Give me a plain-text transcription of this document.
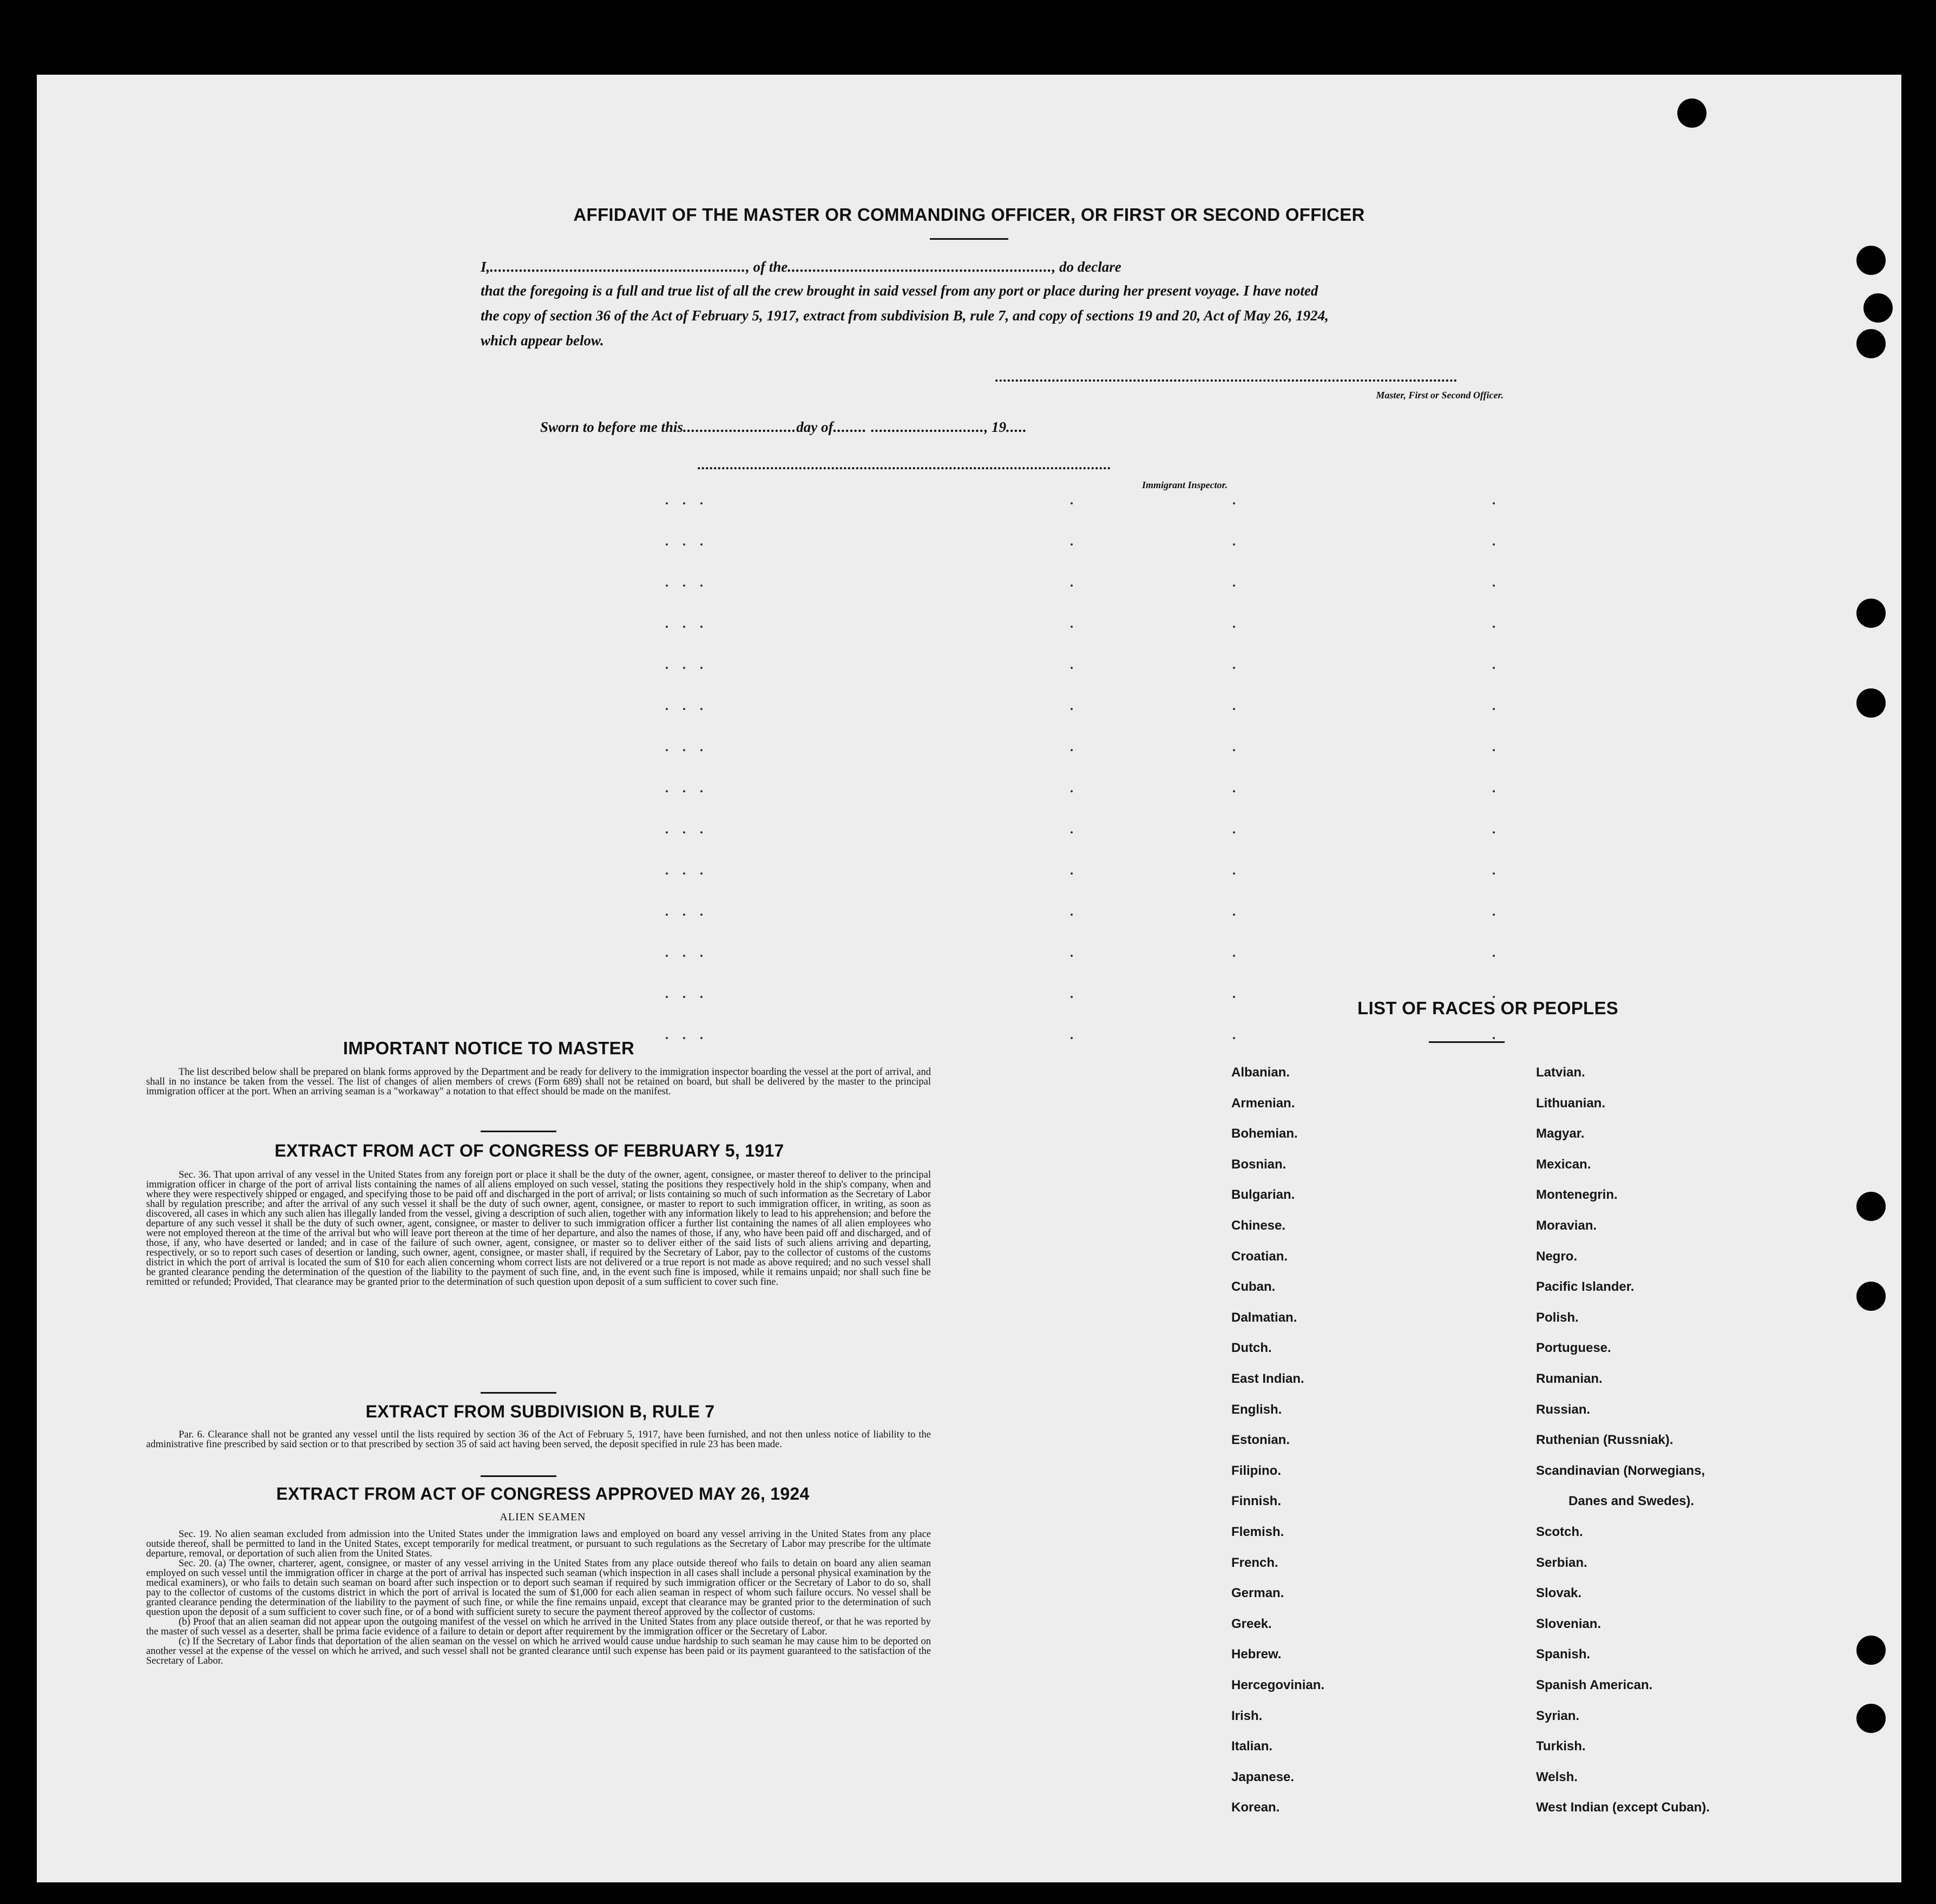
AFFIDAVIT OF THE MASTER OR COMMANDING OFFICER, OR FIRST OR SECOND OFFICER
I,............................................................., of the..............................................................., do declare
that the foregoing is a full and true list of all the crew brought in said vessel from any port or place during her present voyage. I have noted
the copy of section 36 of the Act of February 5, 1917, extract from subdivision B, rule 7, and copy of sections 19 and 20, Act of May 26, 1924,
which appear below.
..................................................................................................................
Master, First or Second Officer.
Sworn to before me this...........................day of........ ..........................., 19.....
......................................................................................................
Immigrant Inspector.
IMPORTANT NOTICE TO MASTER

The list described below shall be prepared on blank forms approved by the Department and be ready for delivery to the immigration inspector boarding the vessel at the port of arrival, and shall in no instance be taken from the vessel. The list of changes of alien members of crews (Form 689) shall not be retained on board, but shall be delivered by the master to the principal immigration officer at the port. When an arriving seaman is a "workaway" a notation to that effect should be made on the manifest.

EXTRACT FROM ACT OF CONGRESS OF FEBRUARY 5, 1917

Sec. 36. That upon arrival of any vessel in the United States from any foreign port or place it shall be the duty of the owner, agent, consignee, or master thereof to deliver to the principal immigration officer in charge of the port of arrival lists containing the names of all aliens employed on such vessel, stating the positions they respectively hold in the ship's company, when and where they were respectively shipped or engaged, and specifying those to be paid off and discharged in the port of arrival; or lists containing so much of such information as the Secretary of Labor shall by regulation prescribe; and after the arrival of any such vessel it shall be the duty of such owner, agent, consignee, or master to report to such immigration officer, in writing, as soon as discovered, all cases in which any such alien has illegally landed from the vessel, giving a description of such alien, together with any information likely to lead to his apprehension; and before the departure of any such vessel it shall be the duty of such owner, agent, consignee, or master to deliver to such immigration officer a further list containing the names of all alien employees who were not employed thereon at the time of the arrival but who will leave port thereon at the time of her departure, and also the names of those, if any, who have been paid off and discharged, and of those, if any, who have deserted or landed; and in case of the failure of such owner, agent, consignee, or master so to deliver either of the said lists of such aliens arriving and departing, respectively, or so to report such cases of desertion or landing, such owner, agent, consignee, or master shall, if required by the Secretary of Labor, pay to the collector of customs of the customs district in which the port of arrival is located the sum of $10 for each alien concerning whom correct lists are not delivered or a true report is not made as above required; and no such vessel shall be granted clearance pending the determination of the question of the liability to the payment of such fine, and, in the event such fine is imposed, while it remains unpaid; nor shall such fine be remitted or refunded; Provided, That clearance may be granted prior to the determination of such question upon deposit of a sum sufficient to cover such fine.

EXTRACT FROM SUBDIVISION B, RULE 7

Par. 6. Clearance shall not be granted any vessel until the lists required by section 36 of the Act of February 5, 1917, have been furnished, and not then unless notice of liability to the administrative fine prescribed by said section or to that prescribed by section 35 of said act having been served, the deposit specified in rule 23 has been made.

EXTRACT FROM ACT OF CONGRESS APPROVED MAY 26, 1924
ALIEN SEAMEN

Sec. 19. No alien seaman excluded from admission into the United States under the immigration laws and employed on board any vessel arriving in the United States from any place outside thereof, shall be permitted to land in the United States, except temporarily for medical treatment, or pursuant to such regulations as the Secretary of Labor may prescribe for the ultimate departure, removal, or deportation of such alien from the United States.

Sec. 20. (a) The owner, charterer, agent, consignee, or master of any vessel arriving in the United States from any place outside thereof who fails to detain on board any alien seaman employed on such vessel until the immigration officer in charge at the port of arrival has inspected such seaman (which inspection in all cases shall include a personal physical examination by the medical examiners), or who fails to detain such seaman on board after such inspection or to deport such seaman if required by such immigration officer or the Secretary of Labor to do so, shall pay to the collector of customs of the customs district in which the port of arrival is located the sum of $1,000 for each alien seaman in respect of whom such failure occurs. No vessel shall be granted clearance pending the determination of the liability to the payment of such fine, or while the fine remains unpaid, except that clearance may be granted prior to the determination of such question upon the deposit of a sum sufficient to cover such fine, or of a bond with sufficient surety to secure the payment thereof approved by the collector of customs.

(b) Proof that an alien seaman did not appear upon the outgoing manifest of the vessel on which he arrived in the United States from any place outside thereof, or that he was reported by the master of such vessel as a deserter, shall be prima facie evidence of a failure to detain or deport after requirement by the immigration officer or the Secretary of Labor.

(c) If the Secretary of Labor finds that deportation of the alien seaman on the vessel on which he arrived would cause undue hardship to such seaman he may cause him to be deported on another vessel at the expense of the vessel on which he arrived, and such vessel shall not be granted clearance until such expense has been paid or its payment guaranteed to the satisfaction of the Secretary of Labor.

LIST OF RACES OR PEOPLES
Albanian.
Armenian.
Bohemian.
Bosnian.
Bulgarian.
Chinese.
Croatian.
Cuban.
Dalmatian.
Dutch.
East Indian.
English.
Estonian.
Filipino.
Finnish.
Flemish.
French.
German.
Greek.
Hebrew.
Hercegovinian.
Irish.
Italian.
Japanese.
Korean.
Latvian.
Lithuanian.
Magyar.
Mexican.
Montenegrin.
Moravian.
Negro.
Pacific Islander.
Polish.
Portuguese.
Rumanian.
Russian.
Ruthenian (Russniak).
Scandinavian (Norwegians,
Scotch.
Serbian.
Slovak.
Slovenian.
Spanish.
Spanish American.
Syrian.
Turkish.
Welsh.
West Indian (except Cuban).
Danes and Swedes).
